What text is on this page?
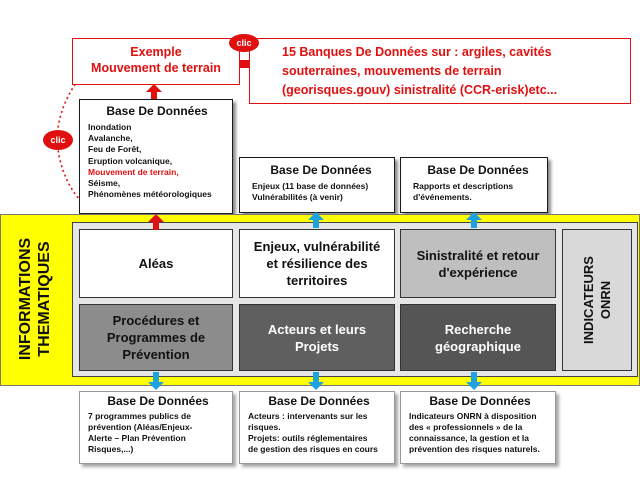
Exemple
Mouvement de terrain
15 Banques De Données sur : argiles, cavités
souterraines, mouvements de terrain
(georisques.gouv) sinistralité (CCR-erisk)etc...
clic
clic
Base De Données
Inondation
Avalanche,
Feu de Forêt,
Eruption volcanique,
Mouvement de terrain,
Séisme,
Phénomènes météorologiques
Base De Données
Enjeux (11 base de données)
Vulnérabilités (à venir)
Base De Données
Rapports et descriptions
d'événements.
INFORMATIONS THEMATIQUES	Aléas
Enjeux, vulnérabilité
et résilience des
territoires
Sinistralité et retour
d'expérience
Procédures et
Programmes de
Prévention
Acteurs et leurs
Projets
Recherche
géographique
INDICATEURS ONRN
Base De Données
7 programmes publics de
prévention (Aléas/Enjeux-
Alerte – Plan Prévention
Risques,...)
Base De Données
Acteurs : intervenants sur les
risques.
Projets: outils réglementaires
de gestion des risques en cours
Base De Données
Indicateurs ONRN à disposition
des « professionnels » de la
connaissance, la gestion et la
prévention des risques naturels.
